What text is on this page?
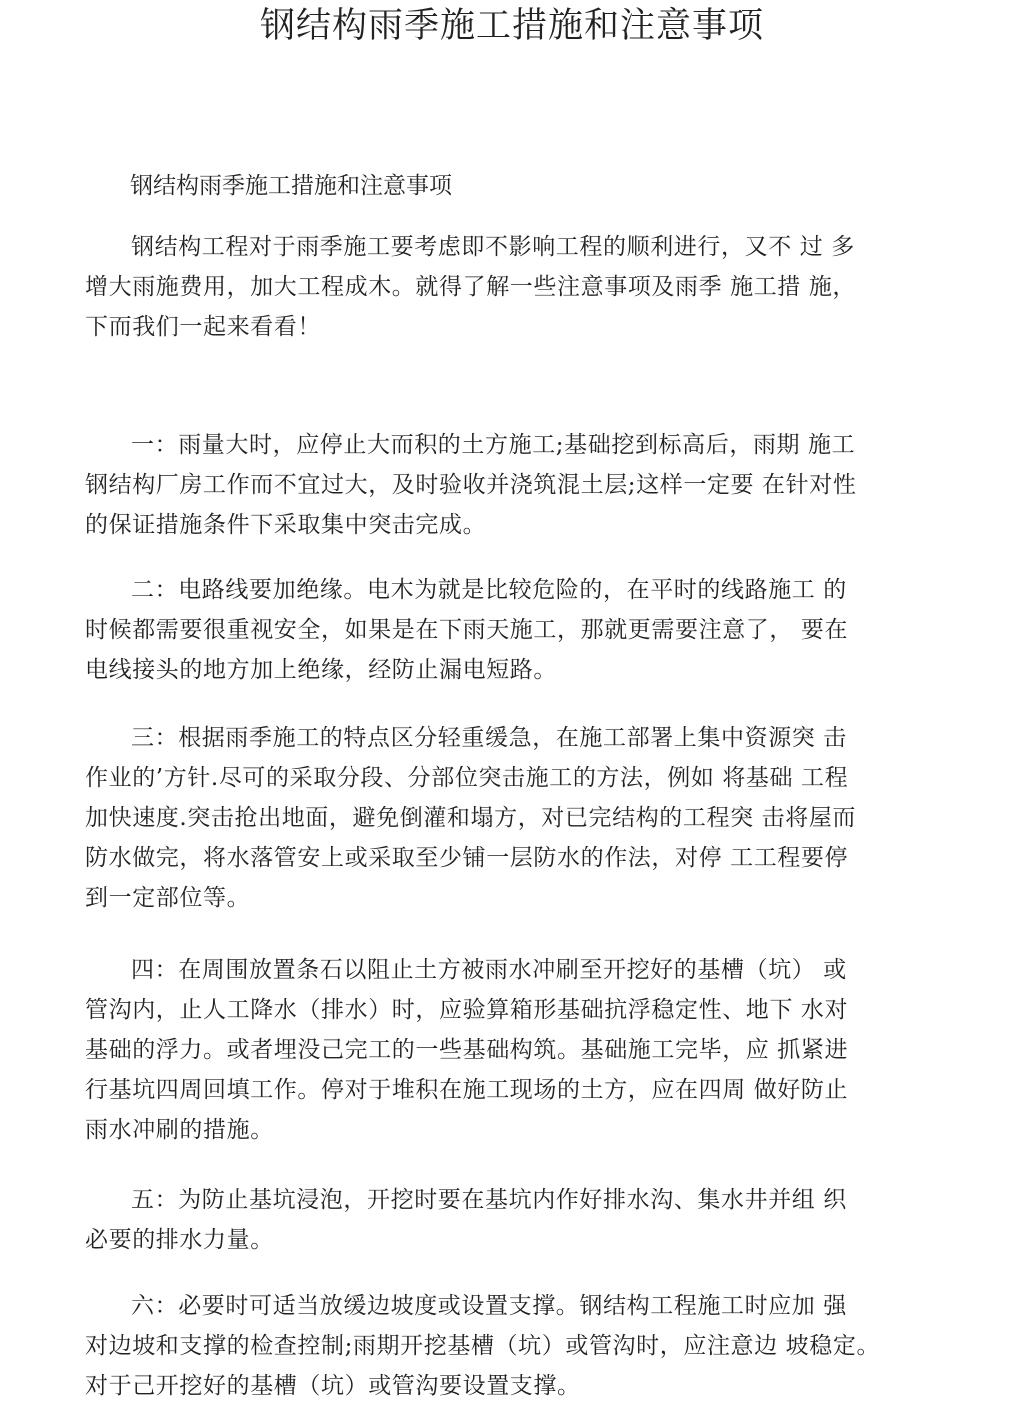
钢结构雨季施工措施和注意事项
钢结构雨季施工措施和注意事项

钢结构工程对于雨季施工要考虑即不影响工程的顺利进行，又不 过 多
增大雨施费用，加大工程成木。就得了解一些注意事项及雨季 施工措 施，
下而我们一起来看看！

一：雨量大时，应停止大而积的土方施工;基础挖到标高后，雨期 施工
钢结构厂房工作而不宜过大，及时验收并浇筑混土层;这样一定要 在针对性
的保证措施条件下采取集中突击完成。

二：电路线要加绝缘。电木为就是比较危险的，在平时的线路施工 的
时候都需要很重视安全，如果是在下雨天施工，那就更需要注意了， 要在
电线接头的地方加上绝缘，经防止漏电短路。

三：根据雨季施工的特点区分轻重缓急，在施工部署上集中资源突 击
作业的’方针.尽可的采取分段、分部位突击施工的方法，例如 将基础 工程
加快速度.突击抢出地面，避免倒灌和塌方，对已完结构的工程突 击将屋而
防水做完，将水落管安上或采取至少铺一层防水的作法，对停 工工程要停
到一定部位等。

四：在周围放置条石以阻止土方被雨水冲刷至开挖好的基槽（坑） 或
管沟内，止人工降水（排水）时，应验算箱形基础抗浮稳定性、地下 水对
基础的浮力。或者埋没己完工的一些基础构筑。基础施工完毕，应 抓紧进
行基坑四周回填工作。停对于堆积在施工现场的土方，应在四周 做好防止
雨水冲刷的措施。

五：为防止基坑浸泡，开挖时要在基坑内作好排水沟、集水井并组 织
必要的排水力量。

六：必要时可适当放缓边坡度或设置支撑。钢结构工程施工时应加 强
对边坡和支撑的检查控制;雨期开挖基槽（坑）或管沟时，应注意边 坡稳定。
对于己开挖好的基槽（坑）或管沟要设置支撑。
